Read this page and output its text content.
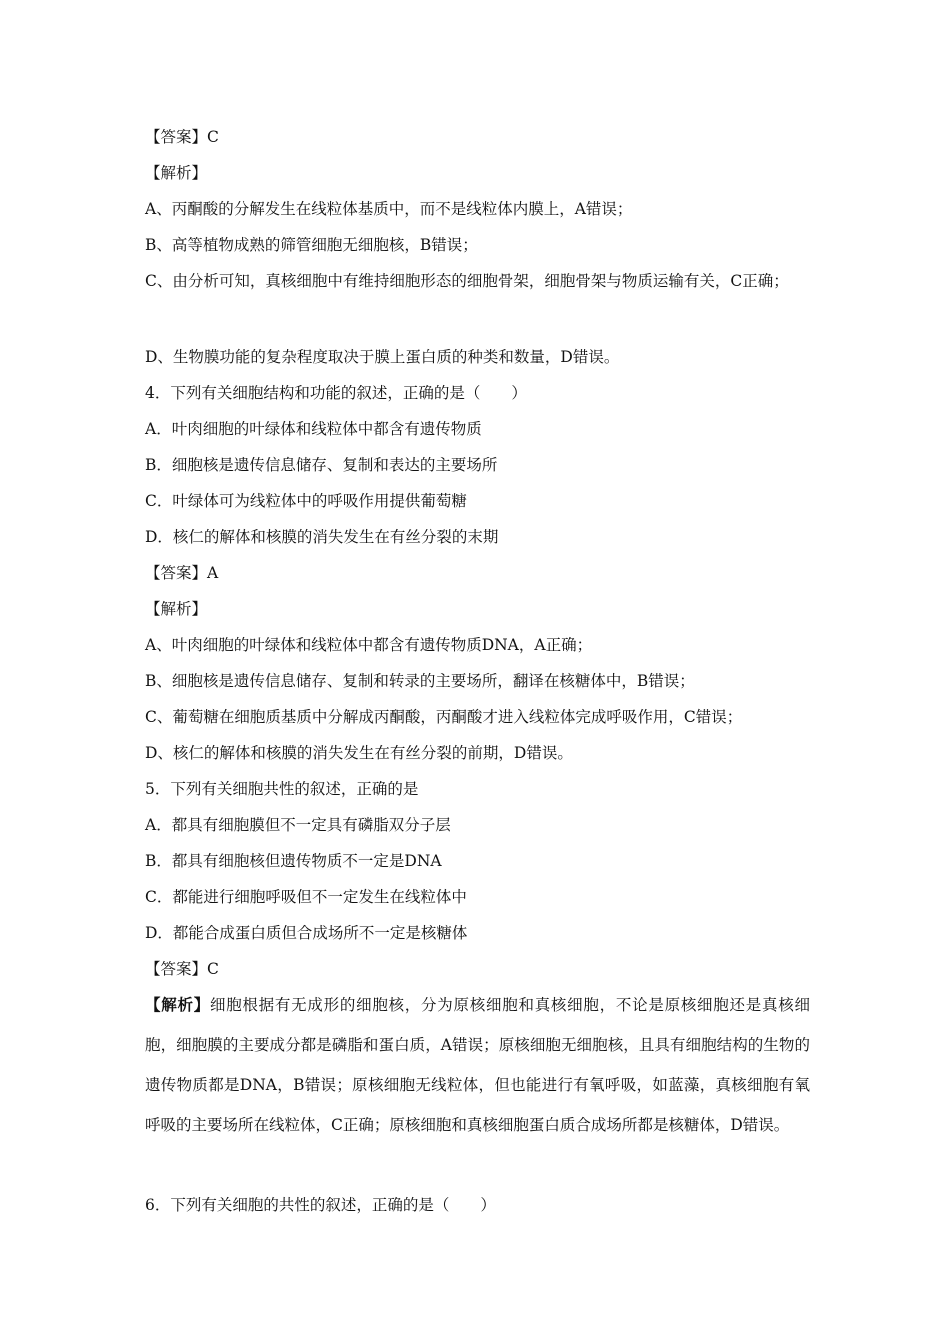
【答案】C
【解析】
A、丙酮酸的分解发生在线粒体基质中，而不是线粒体内膜上，A错误；
B、高等植物成熟的筛管细胞无细胞核，B错误；
C、由分析可知，真核细胞中有维持细胞形态的细胞骨架，细胞骨架与物质运输有关，C正确；
D、生物膜功能的复杂程度取决于膜上蛋白质的种类和数量，D错误。
4．下列有关细胞结构和功能的叙述，正确的是（　　）
A．叶肉细胞的叶绿体和线粒体中都含有遗传物质
B．细胞核是遗传信息储存、复制和表达的主要场所
C．叶绿体可为线粒体中的呼吸作用提供葡萄糖
D．核仁的解体和核膜的消失发生在有丝分裂的末期
【答案】A
【解析】
A、叶肉细胞的叶绿体和线粒体中都含有遗传物质DNA，A正确；
B、细胞核是遗传信息储存、复制和转录的主要场所，翻译在核糖体中，B错误；
C、葡萄糖在细胞质基质中分解成丙酮酸，丙酮酸才进入线粒体完成呼吸作用，C错误；
D、核仁的解体和核膜的消失发生在有丝分裂的前期，D错误。
5．下列有关细胞共性的叙述，正确的是
A．都具有细胞膜但不一定具有磷脂双分子层
B．都具有细胞核但遗传物质不一定是DNA
C．都能进行细胞呼吸但不一定发生在线粒体中
D．都能合成蛋白质但合成场所不一定是核糖体
【答案】C
【解析】细胞根据有无成形的细胞核，分为原核细胞和真核细胞，不论是原核细胞还是真核细胞，细胞膜的主要成分都是磷脂和蛋白质，A错误；原核细胞无细胞核，且具有细胞结构的生物的遗传物质都是DNA，B错误；原核细胞无线粒体，但也能进行有氧呼吸，如蓝藻，真核细胞有氧呼吸的主要场所在线粒体，C正确；原核细胞和真核细胞蛋白质合成场所都是核糖体，D错误。
6．下列有关细胞的共性的叙述，正确的是（　　）
